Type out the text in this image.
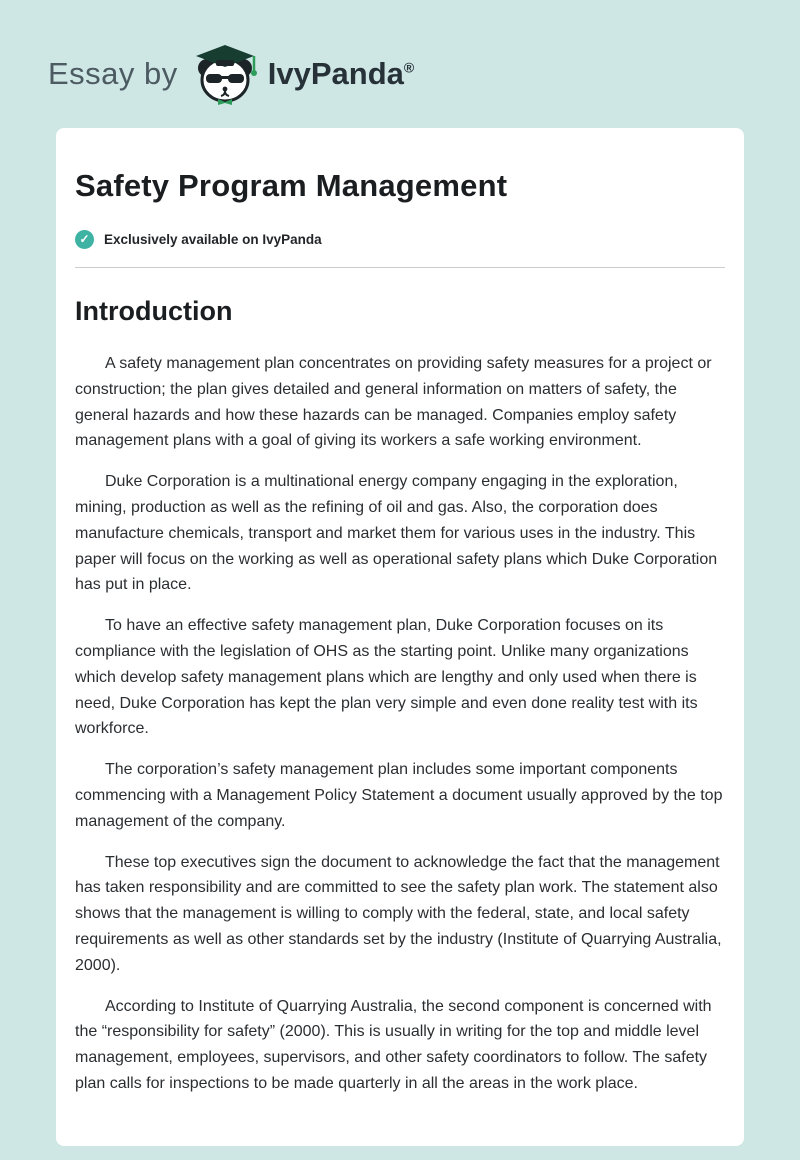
Essay by	IvyPanda®
Safety Program Management
✓	Exclusively available on IvyPanda
Introduction

A safety management plan concentrates on providing safety measures for a project or construction; the plan gives detailed and general information on matters of safety, the general hazards and how these hazards can be managed. Companies employ safety management plans with a goal of giving its workers a safe working environment.

Duke Corporation is a multinational energy company engaging in the exploration, mining, production as well as the refining of oil and gas. Also, the corporation does manufacture chemicals, transport and market them for various uses in the industry. This paper will focus on the working as well as operational safety plans which Duke Corporation has put in place.

To have an effective safety management plan, Duke Corporation focuses on its compliance with the legislation of OHS as the starting point. Unlike many organizations which develop safety management plans which are lengthy and only used when there is need, Duke Corporation has kept the plan very simple and even done reality test with its workforce.

The corporation’s safety management plan includes some important components commencing with a Management Policy Statement a document usually approved by the top management of the company.

These top executives sign the document to acknowledge the fact that the management has taken responsibility and are committed to see the safety plan work. The statement also shows that the management is willing to comply with the federal, state, and local safety requirements as well as other standards set by the industry (Institute of Quarrying Australia, 2000).

According to Institute of Quarrying Australia, the second component is concerned with the “responsibility for safety” (2000). This is usually in writing for the top and middle level management, employees, supervisors, and other safety coordinators to follow. The safety plan calls for inspections to be made quarterly in all the areas in the work place.
